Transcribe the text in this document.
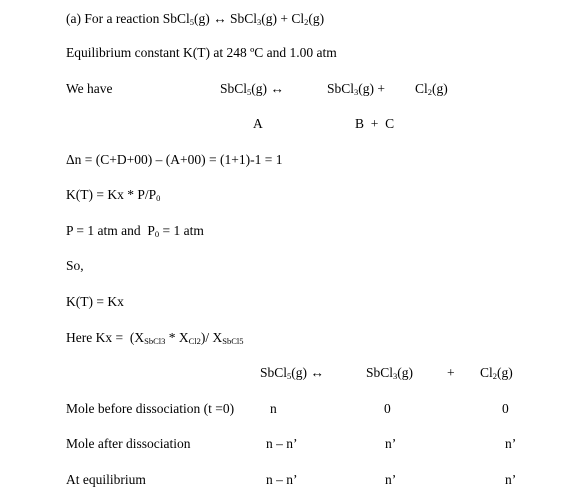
(a) For a reaction SbCl$_5$(g) ↔ SbCl$_3$(g) + $Cl_2(g)$
Equilibrium constant K(T) at 248 ºC and 1.00 atm
We have	SbCl$_5$(g) ↔	SbCl$_3$(g) + $Cl_2(g)$
A	B  +  C
Δn = (C+D+00) – (A+00) = (1+1)-1 = 1
$K(T) = Kx * P/P_0$
P = 1 atm and  $P_0 = 1$ atm
So,
K(T) = Kx
Here $Kx = (X_{SbCl3} * X_{Cl2})/$ $X_{SbCl5}$
SbCl$_5$(g) ↔	SbCl$_3$(g)	+ $Cl_2(g)$
Mole before dissociation (t =0)	n	0	0
Mole after dissociation	n – n’	n’	n’
At equilibrium	n – n’	n’	n’
